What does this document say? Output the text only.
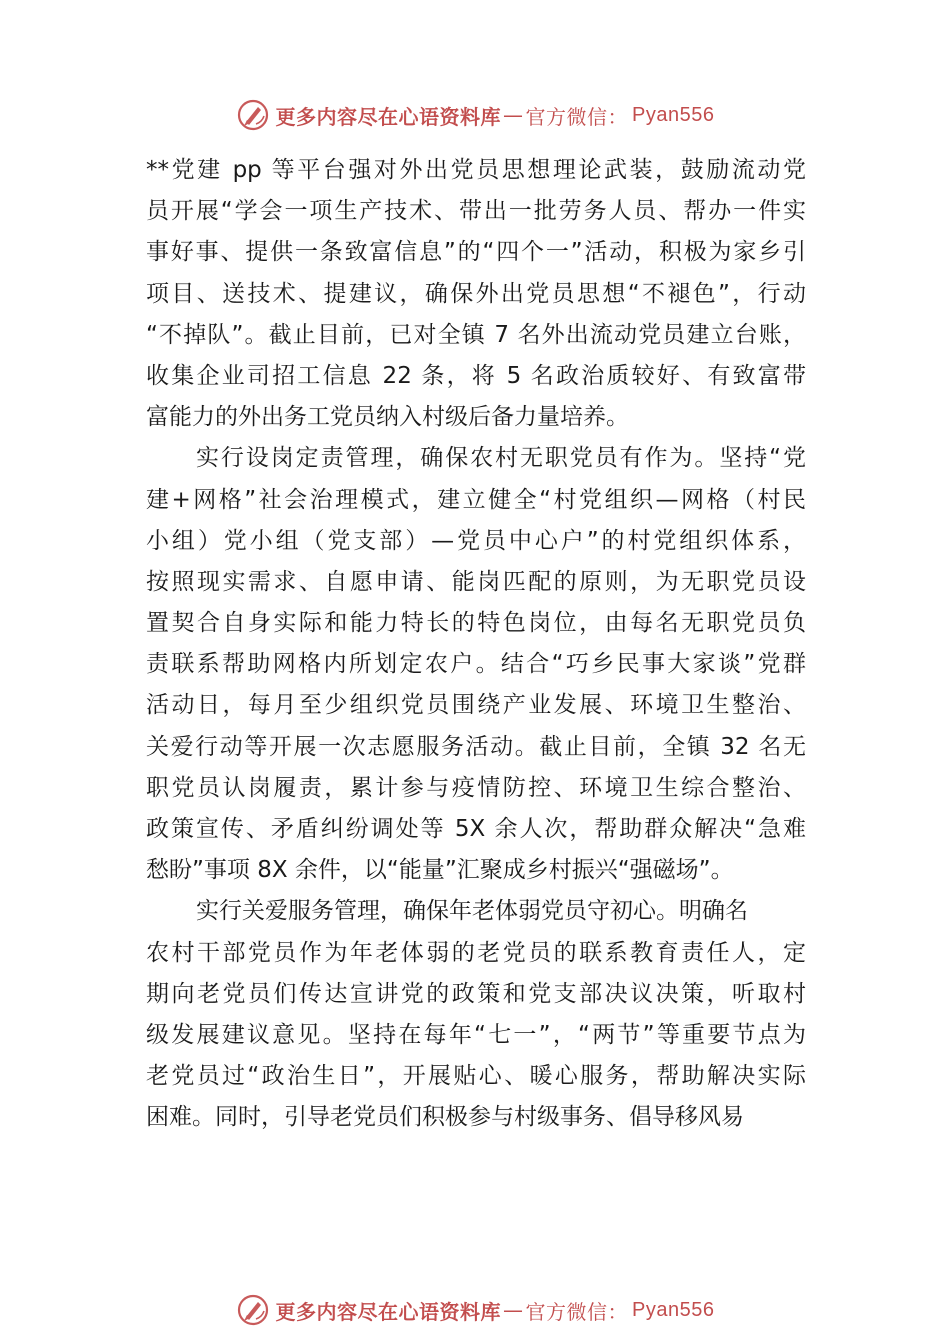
更多内容尽在心语资料库 — 官方微信： Pyan556
**党建 pp 等平台强对外出党员思想理论武装，鼓励流动党
员开展“学会一项生产技术、带出一批劳务人员、帮办一件实
事好事、提供一条致富信息”的“四个一”活动，积极为家乡引
项目、送技术、提建议，确保外出党员思想“不褪色”，行动
“不掉队”。截止目前，已对全镇 7 名外出流动党员建立台账，
收集企业司招工信息 22 条，将 5 名政治质较好、有致富带
富能力的外出务工党员纳入村级后备力量培养。
实行设岗定责管理，确保农村无职党员有作为。坚持“党
建+网格”社会治理模式，建立健全“村党组织—网格（村民
小组）党小组（党支部）—党员中心户”的村党组织体系，
按照现实需求、自愿申请、能岗匹配的原则，为无职党员设
置契合自身实际和能力特长的特色岗位，由每名无职党员负
责联系帮助网格内所划定农户。结合“巧乡民事大家谈”党群
活动日，每月至少组织党员围绕产业发展、环境卫生整治、
关爱行动等开展一次志愿服务活动。截止目前，全镇 32 名无
职党员认岗履责，累计参与疫情防控、环境卫生综合整治、
政策宣传、矛盾纠纷调处等 5X 余人次，帮助群众解决“急难
愁盼”事项 8X 余件，以“能量”汇聚成乡村振兴“强磁场”。
实行关爱服务管理，确保年老体弱党员守初心。明确名
农村干部党员作为年老体弱的老党员的联系教育责任人，定
期向老党员们传达宣讲党的政策和党支部决议决策，听取村
级发展建议意见。坚持在每年“七一”，“两节”等重要节点为
老党员过“政治生日”，开展贴心、暖心服务，帮助解决实际
困难。同时，引导老党员们积极参与村级事务、倡导移风易
更多内容尽在心语资料库 — 官方微信： Pyan556
